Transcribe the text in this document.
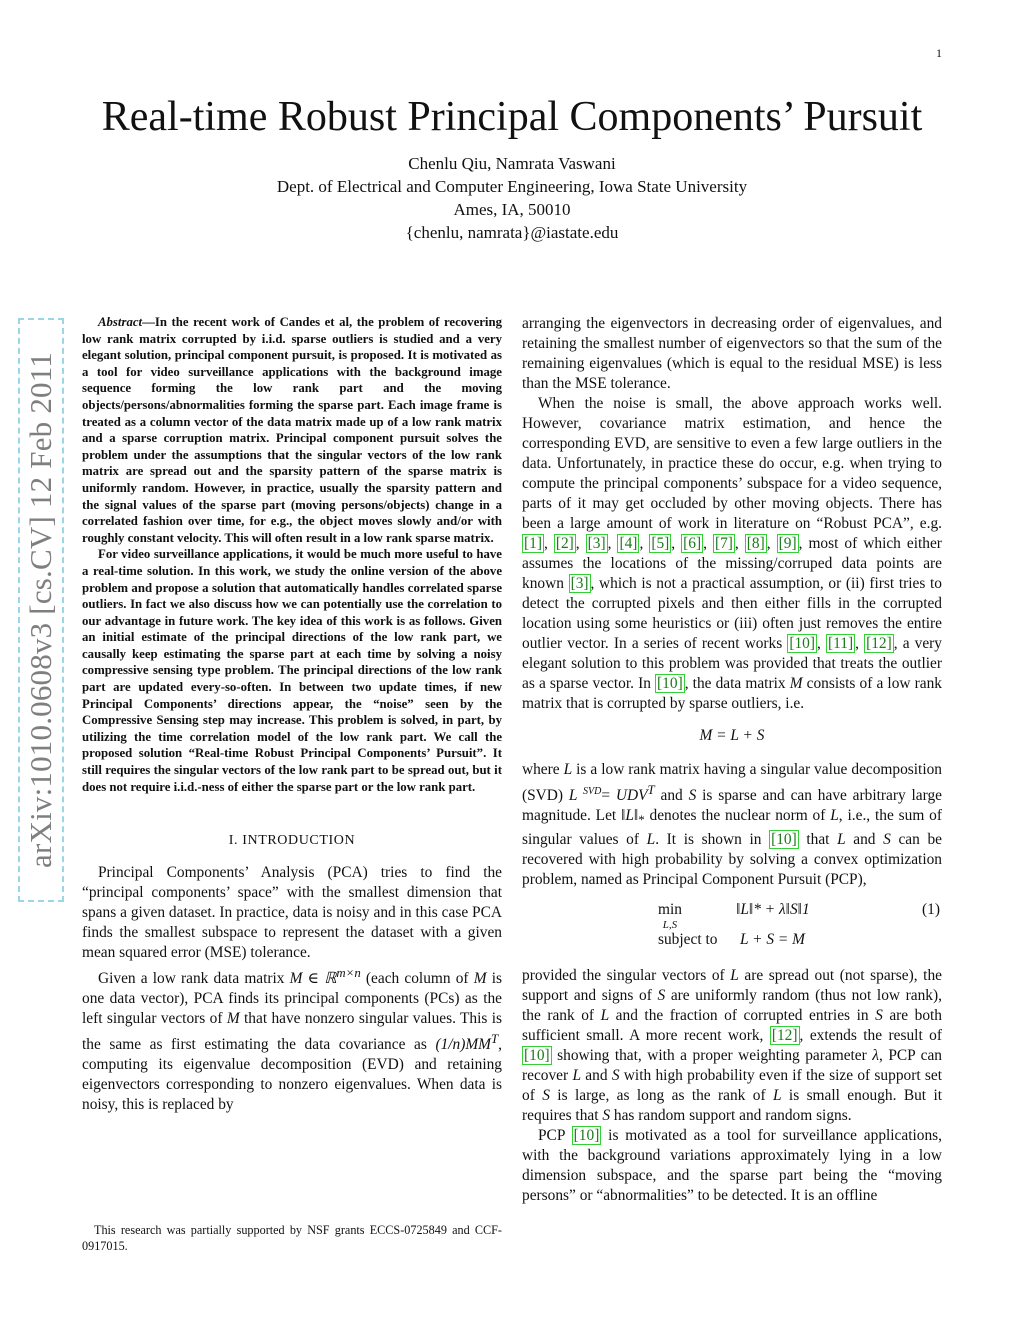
1
arXiv:1010.0608v3 [cs.CV] 12 Feb 2011
Real-time Robust Principal Components’ Pursuit
Chenlu Qiu, Namrata Vaswani
Dept. of Electrical and Computer Engineering, Iowa State University
Ames, IA, 50010
{chenlu, namrata}@iastate.edu

Abstract—In the recent work of Candes et al, the problem of recovering low rank matrix corrupted by i.i.d. sparse outliers is studied and a very elegant solution, principal component pursuit, is proposed. It is motivated as a tool for video surveillance applications with the background image sequence forming the low rank part and the moving objects/persons/abnormalities forming the sparse part. Each image frame is treated as a column vector of the data matrix made up of a low rank matrix and a sparse corruption matrix. Principal component pursuit solves the problem under the assumptions that the singular vectors of the low rank matrix are spread out and the sparsity pattern of the sparse matrix is uniformly random. However, in practice, usually the sparsity pattern and the signal values of the sparse part (moving persons/objects) change in a correlated fashion over time, for e.g., the object moves slowly and/or with roughly constant velocity. This will often result in a low rank sparse matrix.

For video surveillance applications, it would be much more useful to have a real-time solution. In this work, we study the online version of the above problem and propose a solution that automatically handles correlated sparse outliers. In fact we also discuss how we can potentially use the correlation to our advantage in future work. The key idea of this work is as follows. Given an initial estimate of the principal directions of the low rank part, we causally keep estimating the sparse part at each time by solving a noisy compressive sensing type problem. The principal directions of the low rank part are updated every-so-often. In between two update times, if new Principal Components’ directions appear, the “noise” seen by the Compressive Sensing step may increase. This problem is solved, in part, by utilizing the time correlation model of the low rank part. We call the proposed solution “Real-time Robust Principal Components’ Pursuit”. It still requires the singular vectors of the low rank part to be spread out, but it does not require i.i.d.-ness of either the sparse part or the low rank part.

I. INTRODUCTION

Principal Components’ Analysis (PCA) tries to find the “principal components’ space” with the smallest dimension that spans a given dataset. In practice, data is noisy and in this case PCA finds the smallest subspace to represent the dataset with a given mean squared error (MSE) tolerance.

Given a low rank data matrix M ∈ ℝ$^{m\times n}$ (each column of M is one data vector), PCA finds its principal components (PCs) as the left singular vectors of M that have nonzero singular values. This is the same as first estimating the data covariance as $(1/n)MM^T$, computing its eigenvalue decomposition (EVD) and retaining eigenvectors corresponding to nonzero eigenvalues. When data is noisy, this is replaced by

This research was partially supported by NSF grants ECCS-0725849 and CCF-0917015.

arranging the eigenvectors in decreasing order of eigenvalues, and retaining the smallest number of eigenvectors so that the sum of the remaining eigenvalues (which is equal to the residual MSE) is less than the MSE tolerance.

When the noise is small, the above approach works well. However, covariance matrix estimation, and hence the corresponding EVD, are sensitive to even a few large outliers in the data. Unfortunately, in practice these do occur, e.g. when trying to compute the principal components’ subspace for a video sequence, parts of it may get occluded by other moving objects. There has been a large amount of work in literature on “Robust PCA”, e.g. [1] , [2] , [3] , [4] , [5] , [6] , [7] , [8] , [9] , most of which either assumes the locations of the missing/corruped data points are known [3] , which is not a practical assumption, or (ii) first tries to detect the corrupted pixels and then either fills in the corrupted location using some heuristics or (iii) often just removes the entire outlier vector. In a series of recent works [10] , [11] , [12] , a very elegant solution to this problem was provided that treats the outlier as a sparse vector. In [10] , the data matrix M consists of a low rank matrix that is corrupted by sparse outliers, i.e.

M = L + S

where L is a low rank matrix having a singular value decomposition (SVD) L $^{SVD}= UDV^T$ and S is sparse and can have arbitrary large magnitude. Let $‖L‖_*$ denotes the nuclear norm of L, i.e., the sum of singular values of L. It is shown in [10] that L and S can be recovered with high probability by solving a convex optimization problem, named as Principal Component Pursuit (PCP),

min
L,S
‖L‖* + λ‖S‖1
subject to L + S = M
(1)

provided the singular vectors of L are spread out (not sparse), the support and signs of S are uniformly random (thus not low rank), the rank of L and the fraction of corrupted entries in S are both sufficient small. A more recent work, [12] , extends the result of [10] showing that, with a proper weighting parameter λ, PCP can recover L and S with high probability even if the size of support set of S is large, as long as the rank of L is small enough. But it requires that S has random support and random signs.

PCP [10] is motivated as a tool for surveillance applications, with the background variations approximately lying in a low dimension subspace, and the sparse part being the “moving persons” or “abnormalities” to be detected. It is an offline
